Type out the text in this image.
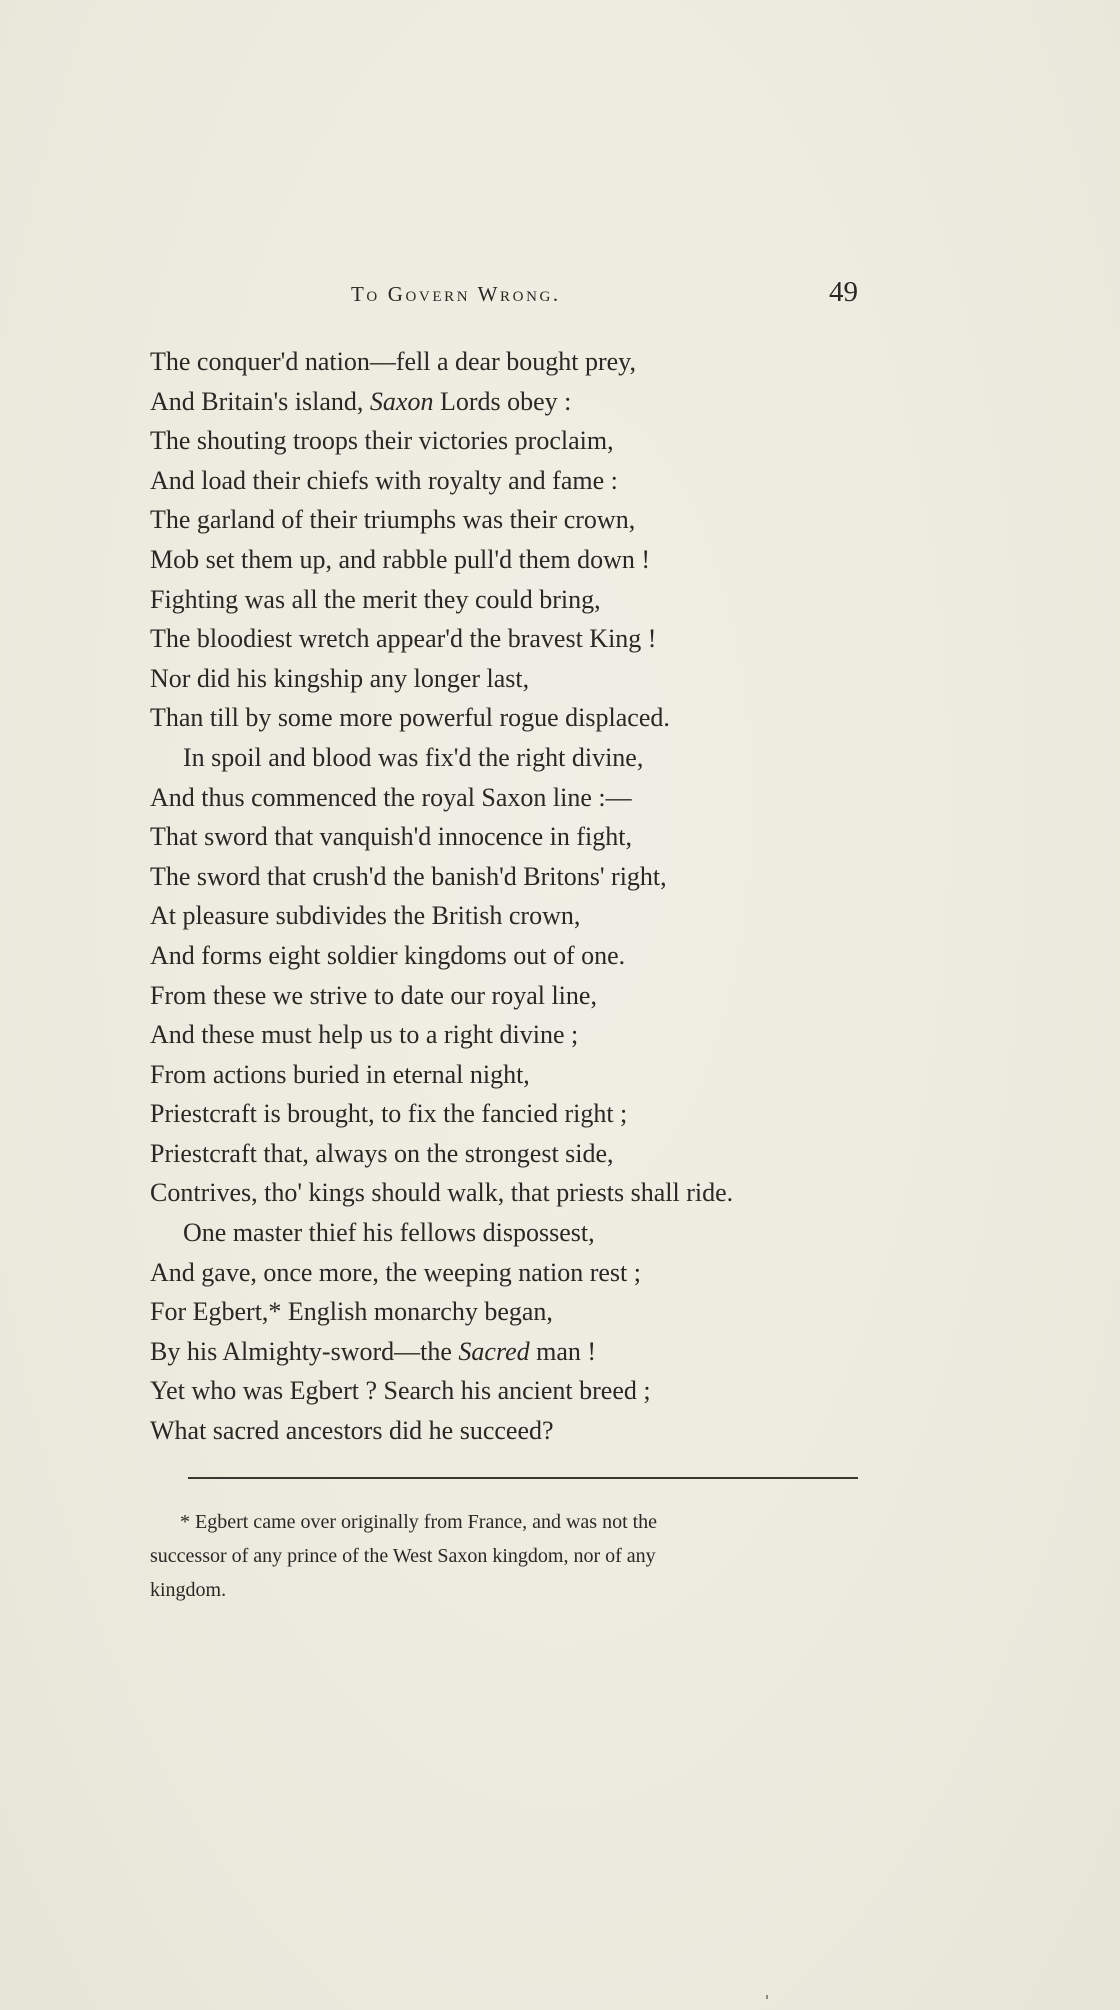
To Govern Wrong.	49
The conquer'd nation—fell a dear bought prey,
And Britain's island, Saxon Lords obey :
The shouting troops their victories proclaim,
And load their chiefs with royalty and fame :
The garland of their triumphs was their crown,
Mob set them up, and rabble pull'd them down !
Fighting was all the merit they could bring,
The bloodiest wretch appear'd the bravest King !
Nor did his kingship any longer last,
Than till by some more powerful rogue displaced.
In spoil and blood was fix'd the right divine,
And thus commenced the royal Saxon line :—
That sword that vanquish'd innocence in fight,
The sword that crush'd the banish'd Britons' right,
At pleasure subdivides the British crown,
And forms eight soldier kingdoms out of one.
From these we strive to date our royal line,
And these must help us to a right divine ;
From actions buried in eternal night,
Priestcraft is brought, to fix the fancied right ;
Priestcraft that, always on the strongest side,
Contrives, tho' kings should walk, that priests shall ride.
One master thief his fellows dispossest,
And gave, once more, the weeping nation rest ;
For Egbert,* English monarchy began,
By his Almighty-sword—the Sacred man !
Yet who was Egbert ? Search his ancient breed ;
What sacred ancestors did he succeed?
* Egbert came over originally from France, and was not the
successor of any prince of the West Saxon kingdom, nor of any
kingdom.
